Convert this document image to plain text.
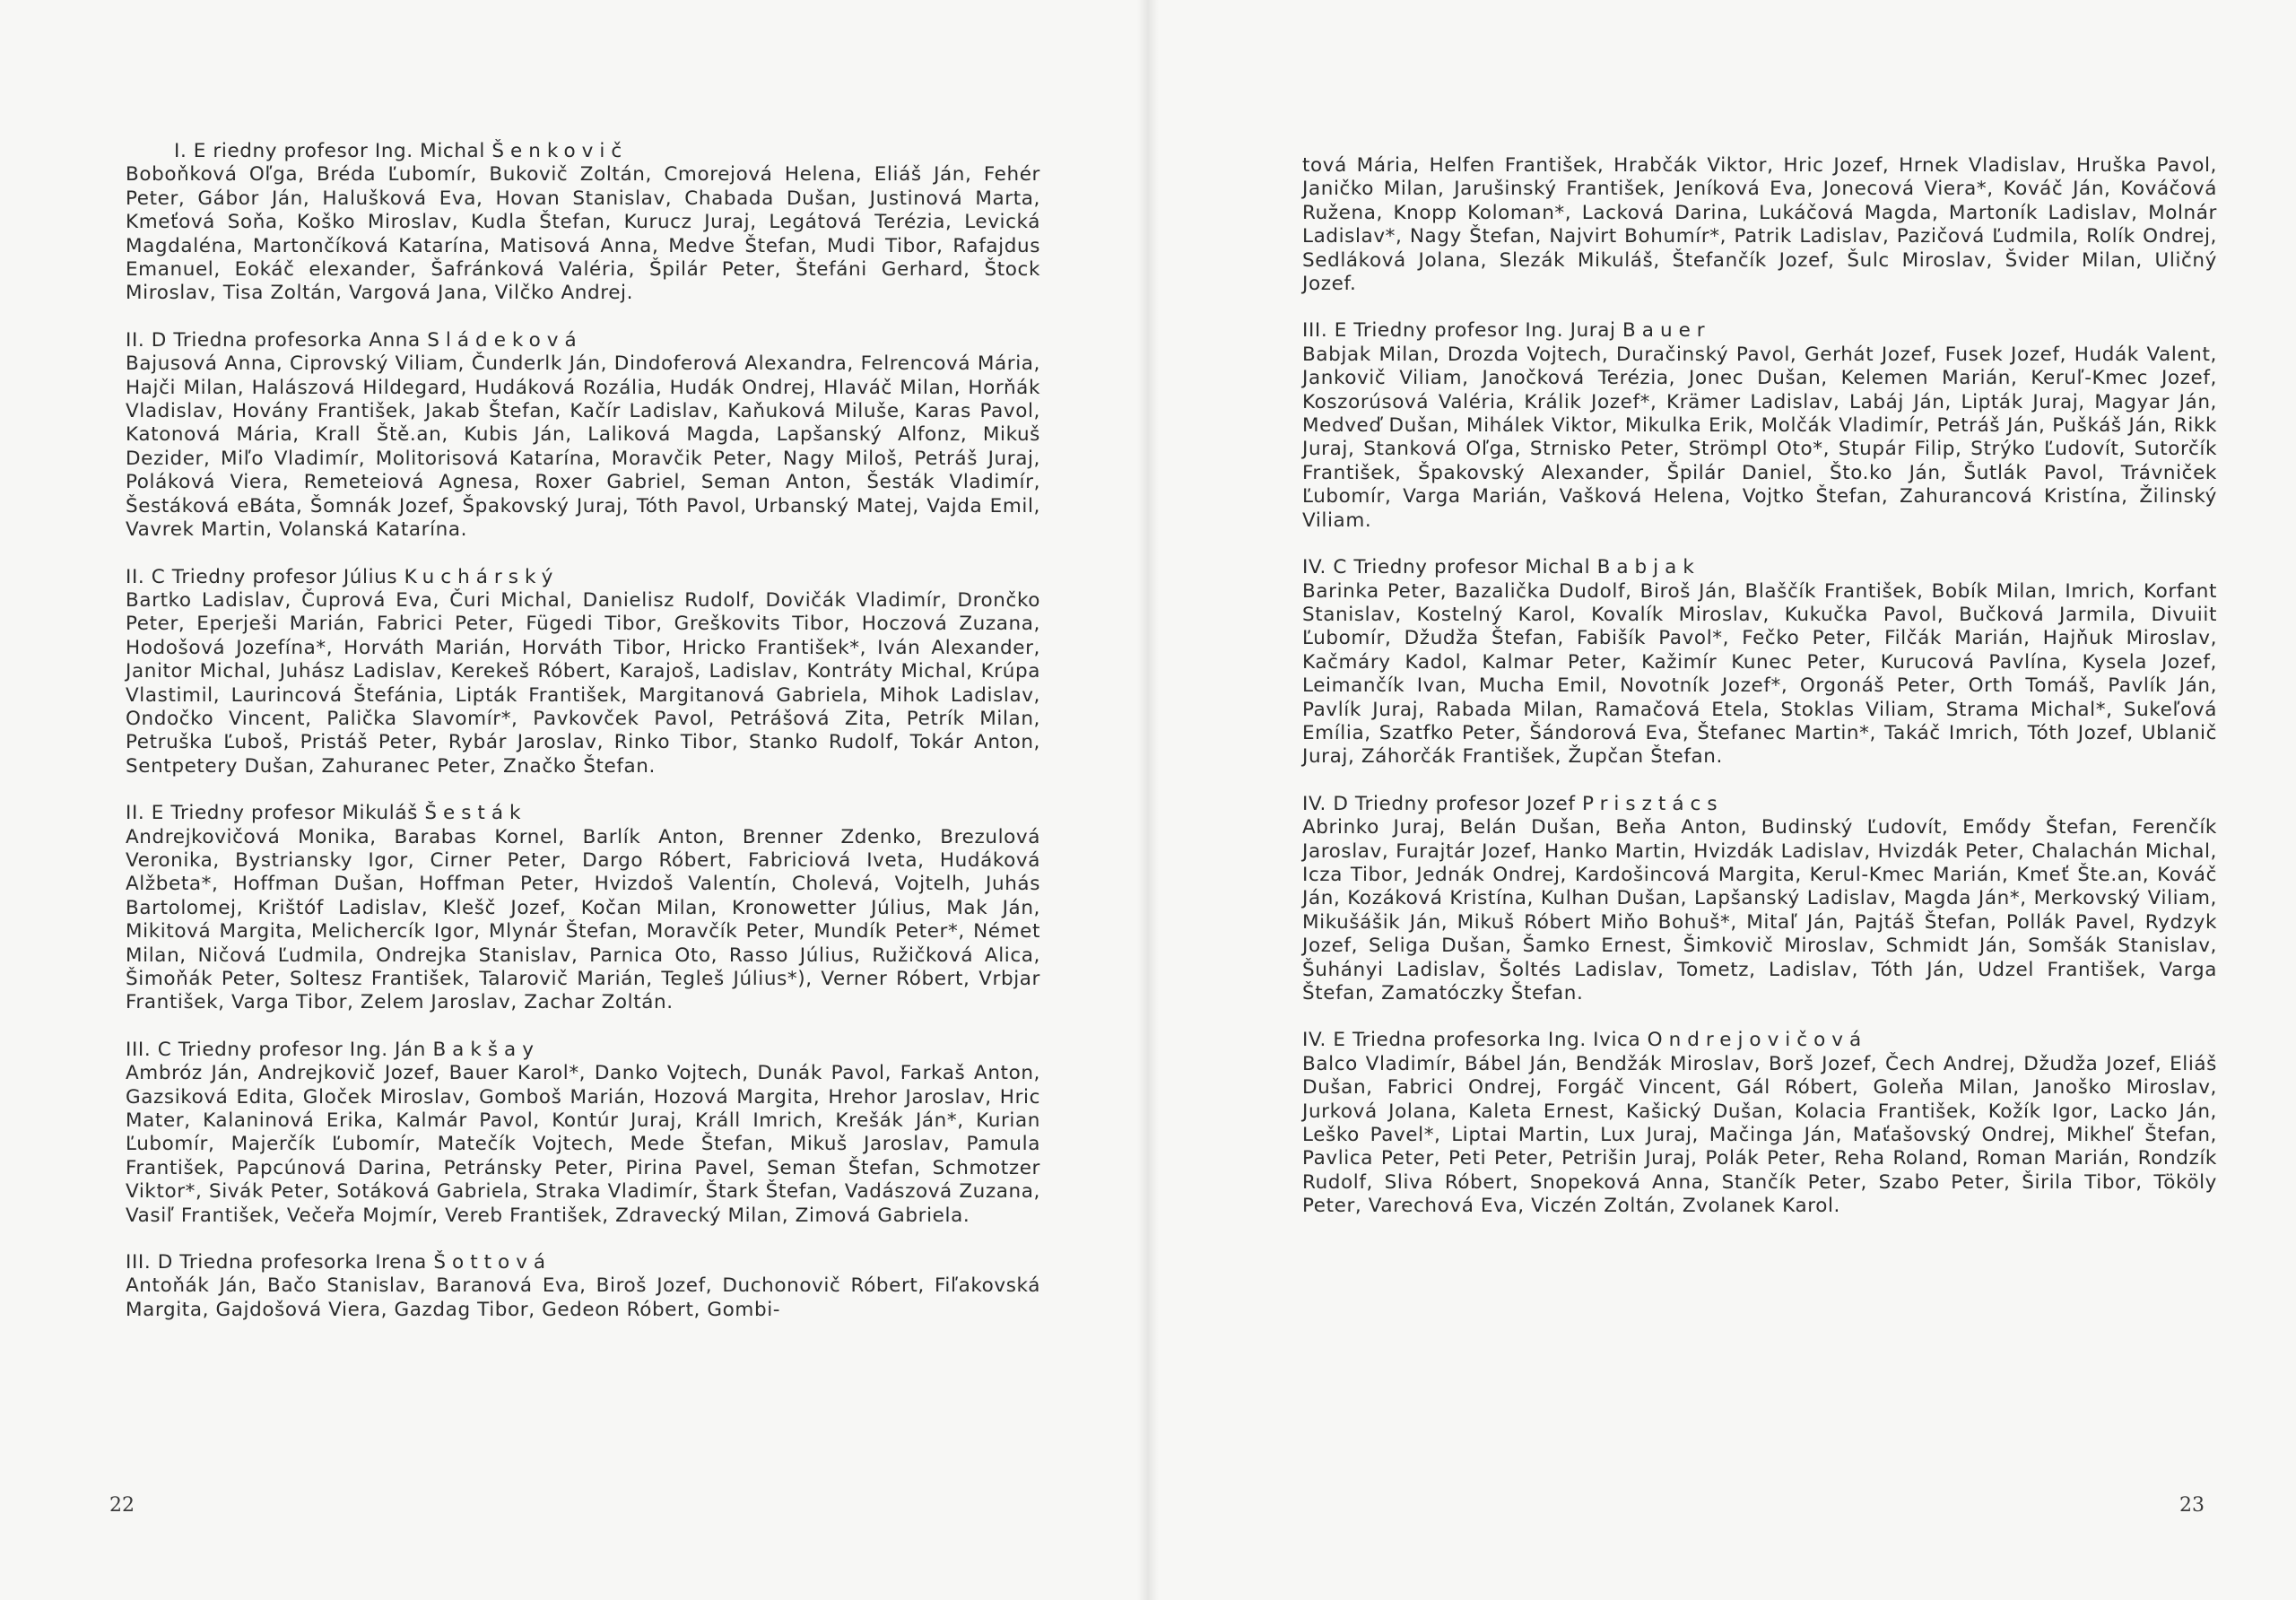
I. E riedny profesor Ing. Michal Šenkovič

Boboňková Oľga, Bréda Ľubomír, Bukovič Zoltán, Cmorejová Helena, Eliáš Ján, Fehér Peter, Gábor Ján, Halušková Eva, Hovan Stanislav, Chabada Dušan, Justinová Marta, Kmeťová Soňa, Koško Miroslav, Kudla Štefan, Kurucz Juraj, Legátová Terézia, Levická Magdaléna, Martončíková Katarína, Matisová Anna, Medve Štefan, Mudi Tibor, Rafajdus Emanuel, Eokáč elexander, Šafránková Valéria, Špilár Peter, Štefáni Gerhard, Štock Miroslav, Tisa Zoltán, Vargová Jana, Vilčko Andrej.

II. D Triedna profesorka Anna Sládeková

Bajusová Anna, Ciprovský Viliam, Čunderlk Ján, Dindoferová Alexandra, Felrencová Mária, Hajči Milan, Halászová Hildegard, Hudáková Rozália, Hudák Ondrej, Hlaváč Milan, Horňák Vladislav, Hovány František, Jakab Štefan, Kačír Ladislav, Kaňuková Miluše, Karas Pavol, Katonová Mária, Krall Ště.an, Kubis Ján, Laliková Magda, Lapšanský Alfonz, Mikuš Dezider, Miľo Vladimír, Molitorisová Katarína, Moravčik Peter, Nagy Miloš, Petráš Juraj, Poláková Viera, Remeteiová Agnesa, Roxer Gabriel, Seman Anton, Šesták Vladimír, Šestáková eBáta, Šomnák Jozef, Špakovský Juraj, Tóth Pavol, Urbanský Matej, Vajda Emil, Vavrek Martin, Volanská Katarína.

II. C Triedny profesor Július Kuchárský

Bartko Ladislav, Čuprová Eva, Čuri Michal, Danielisz Rudolf, Dovičák Vladimír, Drončko Peter, Eperješi Marián, Fabrici Peter, Fügedi Tibor, Greškovits Tibor, Hoczová Zuzana, Hodošová Jozefína*, Horváth Marián, Horváth Tibor, Hricko František*, Iván Alexander, Janitor Michal, Juhász Ladislav, Kerekeš Róbert, Karajoš, Ladislav, Kontráty Michal, Krúpa Vlastimil, Laurincová Štefánia, Lipták František, Margitanová Gabriela, Mihok Ladislav, Ondočko Vincent, Palička Slavomír*, Pavkovček Pavol, Petrášová Zita, Petrík Milan, Petruška Ľuboš, Pristáš Peter, Rybár Jaroslav, Rinko Tibor, Stanko Rudolf, Tokár Anton, Sentpetery Dušan, Zahuranec Peter, Značko Štefan.

II. E Triedny profesor Mikuláš Šesták

Andrejkovičová Monika, Barabas Kornel, Barlík Anton, Brenner Zdenko, Brezulová Veronika, Bystriansky Igor, Cirner Peter, Dargo Róbert, Fabriciová Iveta, Hudáková Alžbeta*, Hoffman Dušan, Hoffman Peter, Hvizdoš Valentín, Cholevá, Vojtelh, Juhás Bartolomej, Krištóf Ladislav, Klešč Jozef, Kočan Milan, Kronowetter Július, Mak Ján, Mikitová Margita, Melichercík Igor, Mlynár Štefan, Moravčík Peter, Mundík Peter*, Német Milan, Ničová Ľudmila, Ondrejka Stanislav, Parnica Oto, Rasso Július, Ružičková Alica, Šimoňák Peter, Soltesz František, Talarovič Marián, Tegleš Július*), Verner Róbert, Vrbjar František, Varga Tibor, Zelem Jaroslav, Zachar Zoltán.

III. C Triedny profesor Ing. Ján Bakšay

Ambróz Ján, Andrejkovič Jozef, Bauer Karol*, Danko Vojtech, Dunák Pavol, Farkaš Anton, Gazsiková Edita, Gloček Miroslav, Gomboš Marián, Hozová Margita, Hrehor Jaroslav, Hric Mater, Kalaninová Erika, Kalmár Pavol, Kontúr Juraj, Králl Imrich, Krešák Ján*, Kurian Ľubomír, Majerčík Ľubomír, Matečík Vojtech, Mede Štefan, Mikuš Jaroslav, Pamula František, Papcúnová Darina, Petránsky Peter, Pirina Pavel, Seman Štefan, Schmotzer Viktor*, Sivák Peter, Sotáková Gabriela, Straka Vladimír, Štark Štefan, Vadászová Zuzana, Vasiľ František, Večeřa Mojmír, Vereb František, Zdravecký Milan, Zimová Gabriela.

III. D Triedna profesorka Irena Šottová

Antoňák Ján, Bačo Stanislav, Baranová Eva, Biroš Jozef, Duchonovič Róbert, Fiľakovská Margita, Gajdošová Viera, Gazdag Tibor, Gedeon Róbert, Gombi-

22

tová Mária, Helfen František, Hrabčák Viktor, Hric Jozef, Hrnek Vladislav, Hruška Pavol, Janičko Milan, Jarušinský František, Jeníková Eva, Jonecová Viera*, Kováč Ján, Kováčová Ružena, Knopp Koloman*, Lacková Darina, Lukáčová Magda, Martoník Ladislav, Molnár Ladislav*, Nagy Štefan, Najvirt Bohumír*, Patrik Ladislav, Pazičová Ľudmila, Rolík Ondrej, Sedláková Jolana, Slezák Mikuláš, Štefančík Jozef, Šulc Miroslav, Švider Milan, Uličný Jozef.

III. E Triedny profesor Ing. Juraj Bauer

Babjak Milan, Drozda Vojtech, Duračinský Pavol, Gerhát Jozef, Fusek Jozef, Hudák Valent, Jankovič Viliam, Janočková Terézia, Jonec Dušan, Kelemen Marián, Keruľ-Kmec Jozef, Koszorúsová Valéria, Králik Jozef*, Krämer Ladislav, Labáj Ján, Lipták Juraj, Magyar Ján, Medveď Dušan, Mihálek Viktor, Mikulka Erik, Molčák Vladimír, Petráš Ján, Puškáš Ján, Rikk Juraj, Stanková Oľga, Strnisko Peter, Strömpl Oto*, Stupár Filip, Strýko Ľudovít, Sutorčík František, Špakovský Alexander, Špilár Daniel, Što.ko Ján, Šutlák Pavol, Trávniček Ľubomír, Varga Marián, Vašková Helena, Vojtko Štefan, Zahurancová Kristína, Žilinský Viliam.

IV. C Triedny profesor Michal Babjak

Barinka Peter, Bazalička Dudolf, Biroš Ján, Blaščík František, Bobík Milan, Imrich, Korfant Stanislav, Kostelný Karol, Kovalík Miroslav, Kukučka Pavol, Bučková Jarmila, Divuiit Ľubomír, Džudža Štefan, Fabišík Pavol*, Fečko Peter, Filčák Marián, Hajňuk Miroslav, Kačmáry Kadol, Kalmar Peter, Kažimír Kunec Peter, Kurucová Pavlína, Kysela Jozef, Leimančík Ivan, Mucha Emil, Novotník Jozef*, Orgonáš Peter, Orth Tomáš, Pavlík Ján, Pavlík Juraj, Rabada Milan, Ramačová Etela, Stoklas Viliam, Strama Michal*, Sukeľová Emília, Szatfko Peter, Šándorová Eva, Štefanec Martin*, Takáč Imrich, Tóth Jozef, Ublanič Juraj, Záhorčák František, Župčan Štefan.

IV. D Triedny profesor Jozef Prisztács

Abrinko Juraj, Belán Dušan, Beňa Anton, Budinský Ľudovít, Emődy Štefan, Ferenčík Jaroslav, Furajtár Jozef, Hanko Martin, Hvizdák Ladislav, Hvizdák Peter, Chalachán Michal, Icza Tibor, Jednák Ondrej, Kardošincová Margita, Kerul-Kmec Marián, Kmeť Šte.an, Kováč Ján, Kozáková Kristína, Kulhan Dušan, Lapšanský Ladislav, Magda Ján*, Merkovský Viliam, Mikušášik Ján, Mikuš Róbert Miňo Bohuš*, Mitaľ Ján, Pajtáš Štefan, Pollák Pavel, Rydzyk Jozef, Seliga Dušan, Šamko Ernest, Šimkovič Miroslav, Schmidt Ján, Somšák Stanislav, Šuhányi Ladislav, Šoltés Ladislav, Tometz, Ladislav, Tóth Ján, Udzel František, Varga Štefan, Zamatóczky Štefan.

IV. E Triedna profesorka Ing. Ivica Ondrejovičová

Balco Vladimír, Bábel Ján, Bendžák Miroslav, Borš Jozef, Čech Andrej, Džudža Jozef, Eliáš Dušan, Fabrici Ondrej, Forgáč Vincent, Gál Róbert, Goleňa Milan, Janoško Miroslav, Jurková Jolana, Kaleta Ernest, Kašický Dušan, Kolacia František, Kožík Igor, Lacko Ján, Leško Pavel*, Liptai Martin, Lux Juraj, Mačinga Ján, Maťašovský Ondrej, Mikheľ Štefan, Pavlica Peter, Peti Peter, Petrišin Juraj, Polák Peter, Reha Roland, Roman Marián, Rondzík Rudolf, Sliva Róbert, Snopeková Anna, Stančík Peter, Szabo Peter, Širila Tibor, Tököly Peter, Varechová Eva, Viczén Zoltán, Zvolanek Karol.

23
